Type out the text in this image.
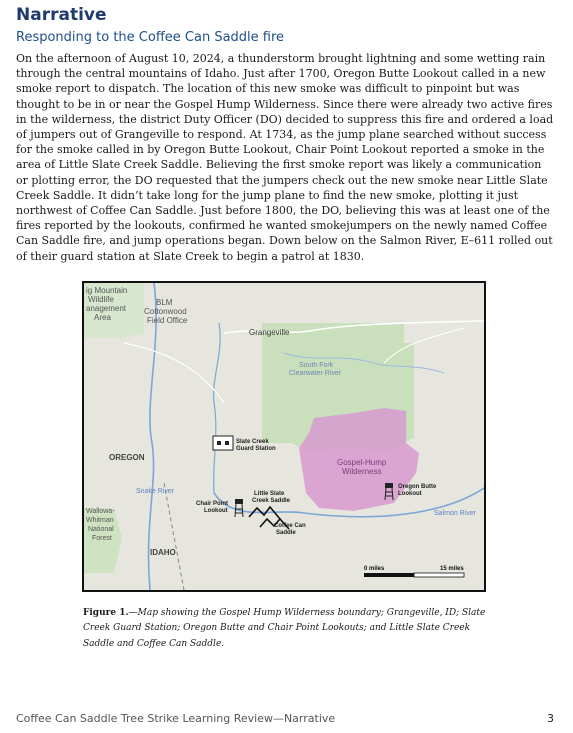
Narrative
Responding to the Coffee Can Saddle fire

On the afternoon of August 10, 2024, a thunderstorm brought lightning and some wetting rain through the central mountains of Idaho. Just after 1700, Oregon Butte Lookout called in a new smoke report to dispatch. The location of this new smoke was difficult to pinpoint but was thought to be in or near the Gospel Hump Wilderness. Since there were already two active fires in the wilderness, the district Duty Officer (DO) decided to suppress this fire and ordered a load of jumpers out of Grangeville to respond. At 1734, as the jump plane searched without success for the smoke called in by Oregon Butte Lookout, Chair Point Lookout reported a smoke in the area of Little Slate Creek Saddle. Believing the first smoke report was likely a communication or plotting error, the DO requested that the jumpers check out the new smoke near Little Slate Creek Saddle. It didn’t take long for the jump plane to find the new smoke, plotting it just northwest of Coffee Can Saddle. Just before 1800, the DO, believing this was at least one of the fires reported by the lookouts, confirmed he wanted smokejumpers on the newly named Coffee Can Saddle fire, and jump operations began. Down below on the Salmon River, E–611 rolled out of their guard station at Slate Creek to begin a patrol at 1830.

ig Mountain Wildlife anagement Area
BLM Cottonwood Field Office
Grangeville
South Fork Clearwater River
OREGON
Slate Creek Guard Station
Gospel-Hump Wilderness
Snake River
Chair Point Lookout
Little Slate Creek Saddle
Oregon Butte Lookout
Salmon River
Wallowa- Whitman National Forest
Coffee Can Saddle
IDAHO
0 miles	15 miles
Figure 1.—Map showing the Gospel Hump Wilderness boundary; Grangeville, ID; Slate Creek Guard Station; Oregon Butte and Chair Point Lookouts; and Little Slate Creek Saddle and Coffee Can Saddle.
Coffee Can Saddle Tree Strike Learning Review—Narrative	3
